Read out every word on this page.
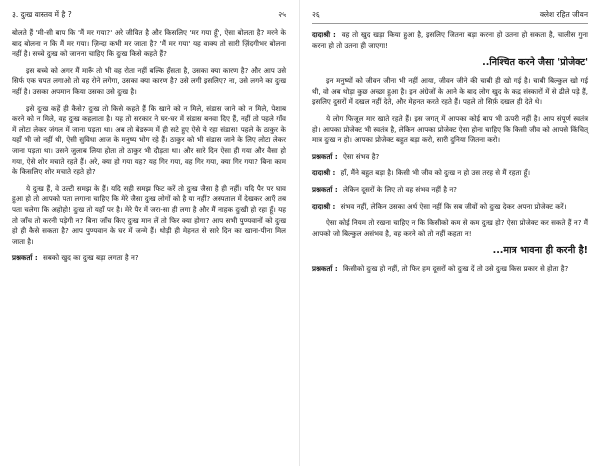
३. दुःख वास्तव में है ?	२५

बोलते हैं 'मी-सी बाप कि 'मैं मर गया?' अरे जीवित है और किसलिए 'मर गया हूँ', ऐसा बोलता है? मरने के बाद बोलना न कि मैं मर गया। ज़िन्दा कभी मर जाता है? 'मैं मर गया' यह वाक्य तो सारी ज़िंदगीभर बोलना नहीं है। सच्चे दुःख को जानना चाहिए कि दुःख किसे कहते हैं?

इस बच्चे को अगर मैं मारूँ तो भी वह रोता नहीं बल्कि हँसता है, उसका क्या कारण है? और आप उसे सिर्फ एक चपत लगाओ तो वह रोने लगेगा, उसका क्या कारण है? उसे लगी इसलिए? ना, उसे लगने का दुःख नहीं है। उसका अपमान किया उसका उसे दुःख है।

इसे दुःख कहें ही कैसे? दुःख तो किसे कहते हैं कि खाने को न मिले, संडास जाने को न मिले, पेशाब करने को न मिले, वह दुःख कहलाता है। यह तो सरकार ने घर-घर में संडास बनवा दिए हैं, नहीं तो पहले गाँव में लोटा लेकर जंगल में जाना पड़ता था। अब तो बेडरूम में ही सटे हुए ऐसे ये रहा संडास! पहले के ठाकुर के यहाँ भी जो नहीं थी, ऐसी सुविधा आज के मनुष्य भोग रहे हैं। ठाकुर को भी संडास जाने के लिए लोटा लेकर जाना पड़ता था। उसने जुलाब लिया होता तो ठाकुर भी दौड़ता था। और सारे दिन ऐसा ही गया और वैसा हो गया, ऐसे शोर मचाते रहते हैं। अरे, क्या हो गया यह? यह गिर गया, वह गिर गया, क्या गिर गया? बिना काम के किसलिए शोर मचाते रहते हो?

ये दुःख हैं, वे उल्टी समझ के हैं। यदि सही समझ फिट करें तो दुःख जैसा है ही नहीं। यदि पैर पर घाव हुआ हो तो आपको पता लगाना चाहिए कि मेरे जैसा दुःख लोगों को है या नहीं? अस्पताल में देखकर आएँ तब पता चलेगा कि अहोहो! दुःख तो यहाँ पर है। मेरे पैर में जरा-सा ही लगा है और मैं नाहक दुःखी हो रहा हूँ। यह तो जाँच तो करनी पड़ेगी न? बिना जाँच किए दुःख मान लें तो फिर क्या होगा? आप सभी पुण्यवानों को दुःख हो ही कैसे सकता है? आप पुण्यवान के घर में जन्मे हैं। थोड़ी ही मेहनत से सारे दिन का खाना-पीना मिल जाता है।

प्रश्नकर्ता : सबको खुद का दुःख बड़ा लगता है न?

२६	क्लेश रहित जीवन

दादाश्री : वह तो खुद खड़ा किया हुआ है, इसलिए जितना बड़ा करना हो उतना हो सकता है, चालीस गुना करना हो तो उतना ही जाएगा!

..निश्चित करने जैसा 'प्रोजेक्ट'

इन मनुष्यों को जीवन जीना भी नहीं आया, जीवन जीने की चाबी ही खो गई है। चाबी बिल्कुल खो गई थी, वो अब थोड़ा कुछ अच्छा हुआ है। इन अंग्रेजों के आने के बाद लोग खुद के कद्र संस्कारों में से ढीले पड़े हैं, इसलिए दुसरों में दखल नहीं देते, और मेहनत करते रहते हैं। पहले तो सिर्फ़ दखल ही देते थे।

ये लोग फिजूल मार खाते रहते हैं। इस जगत् में आपका कोई बाप भी ऊपरी नहीं है। आप संपूर्ण स्वतंत्र हो। आपका प्रोजेक्ट भी स्वतंत्र है, लेकिन आपका प्रोजेक्ट ऐसा होना चाहिए कि किसी जीव को आपसे किंचित् मात्र दुःख न हो। आपका प्रोजेक्ट बहुत बड़ा करो, सारी दुनिया जितना करो।

प्रश्नकर्ता : ऐसा संभव है?

दादाश्री : हाँ, मैंने बहुत बड़ा है। किसी भी जीव को दुःख न हो उस तरह से मैं रहता हूँ।

प्रश्नकर्ता : लेकिन दूसरों के लिए तो वह संभव नहीं है न?

दादाश्री : संभव नहीं, लेकिन उसका अर्थ ऐसा नहीं कि सब जीवों को दुःख देकर अपना प्रोजेक्ट करें।

ऐसा कोई नियम तो रखना चाहिए न कि किसीको कम से कम दुःख हो? ऐसा प्रोजेक्ट कर सकते हैं न? मैं आपको जो बिल्कुल असंभव है, वह करने को तो नहीं कहता न!

...मात्र भावना ही करनी है!

प्रश्नकर्ता : किसीको दुःख हो नहीं, तो फिर हम दूसरों को दुःख दें तो उसे दुःख किस प्रकार से होता है?
